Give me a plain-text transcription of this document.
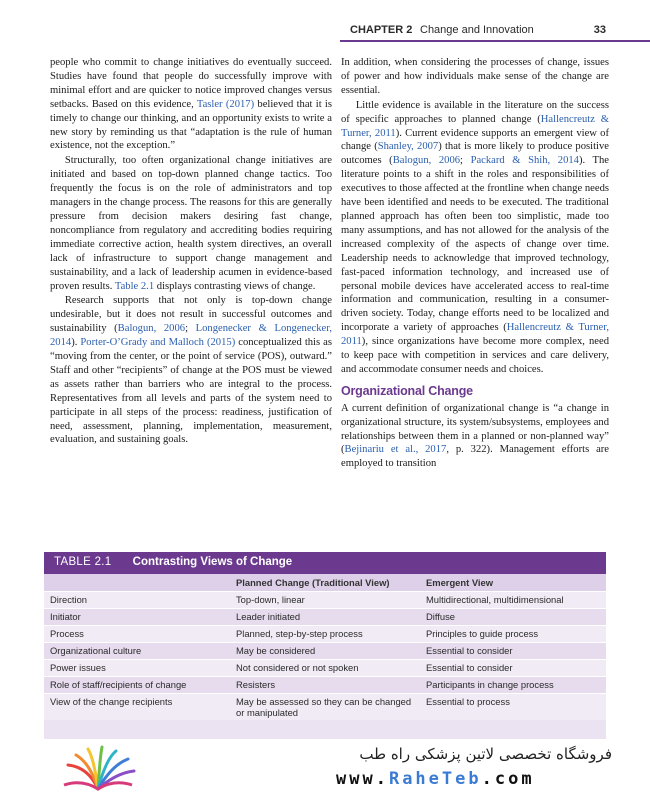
CHAPTER 2 Change and Innovation	33

people who commit to change initiatives do eventually succeed. Studies have found that people do successfully improve with minimal effort and are quicker to notice improved changes versus setbacks. Based on this evidence, Tasler (2017) believed that it is timely to change our thinking, and an opportunity exists to write a new story by reminding us that “adaptation is the rule of human existence, not the exception.”

Structurally, too often organizational change initiatives are initiated and based on top-down planned change tactics. Too frequently the focus is on the role of administrators and top managers in the change process. The reasons for this are generally pressure from decision makers desiring fast change, noncompliance from regulatory and accrediting bodies requiring immediate corrective action, health system directives, an overall lack of infrastructure to support change management and sustainability, and a lack of leadership acumen in evidence-based proven results. Table 2.1 displays contrasting views of change.

Research supports that not only is top-down change undesirable, but it does not result in successful outcomes and sustainability (Balogun, 2006; Longenecker & Longenecker, 2014). Porter-O’Grady and Malloch (2015) conceptualized this as “moving from the center, or the point of service (POS), outward.” Staff and other “recipients” of change at the POS must be viewed as assets rather than barriers who are integral to the process. Representatives from all levels and parts of the system need to participate in all steps of the process: readiness, justification of need, assessment, planning, implementation, measurement, evaluation, and sustaining goals.

In addition, when considering the processes of change, issues of power and how individuals make sense of the change are essential.

Little evidence is available in the literature on the success of specific approaches to planned change (Hallencreutz & Turner, 2011). Current evidence supports an emergent view of change (Shanley, 2007) that is more likely to produce positive outcomes (Balogun, 2006; Packard & Shih, 2014). The literature points to a shift in the roles and responsibilities of executives to those affected at the frontline when change needs have been identified and needs to be executed. The traditional planned approach has often been too simplistic, made too many assumptions, and has not allowed for the analysis of the increased complexity of the aspects of change over time. Leadership needs to acknowledge that improved technology, fast-paced information technology, and increased use of personal mobile devices have accelerated access to real-time information and communication, resulting in a consumer-driven society. Today, change efforts need to be localized and incorporate a variety of approaches (Hallencreutz & Turner, 2011), since organizations have become more complex, need to keep pace with competition in services and care delivery, and accommodate consumer needs and choices.

Organizational Change

A current definition of organizational change is “a change in organizational structure, its system/subsystems, employees and relationships between them in a planned or non-planned way” (Bejinariu et al., 2017, p. 322). Management efforts are employed to transition

TABLE 2.1 Contrasting Views of Change
	Planned Change (Traditional View)	Emergent View
Direction	Top-down, linear	Multidirectional, multidimensional
Initiator	Leader initiated	Diffuse
Process	Planned, step-by-step process	Principles to guide process
Organizational culture	May be considered	Essential to consider
Power issues	Not considered or not spoken	Essential to consider
Role of staff/recipients of change	Resisters	Participants in change process
View of the change recipients	May be assessed so they can be changed or manipulated	Essential to process
فروشگاه تخصصی لاتین پزشکی راه طب
www.RaheTeb.com
